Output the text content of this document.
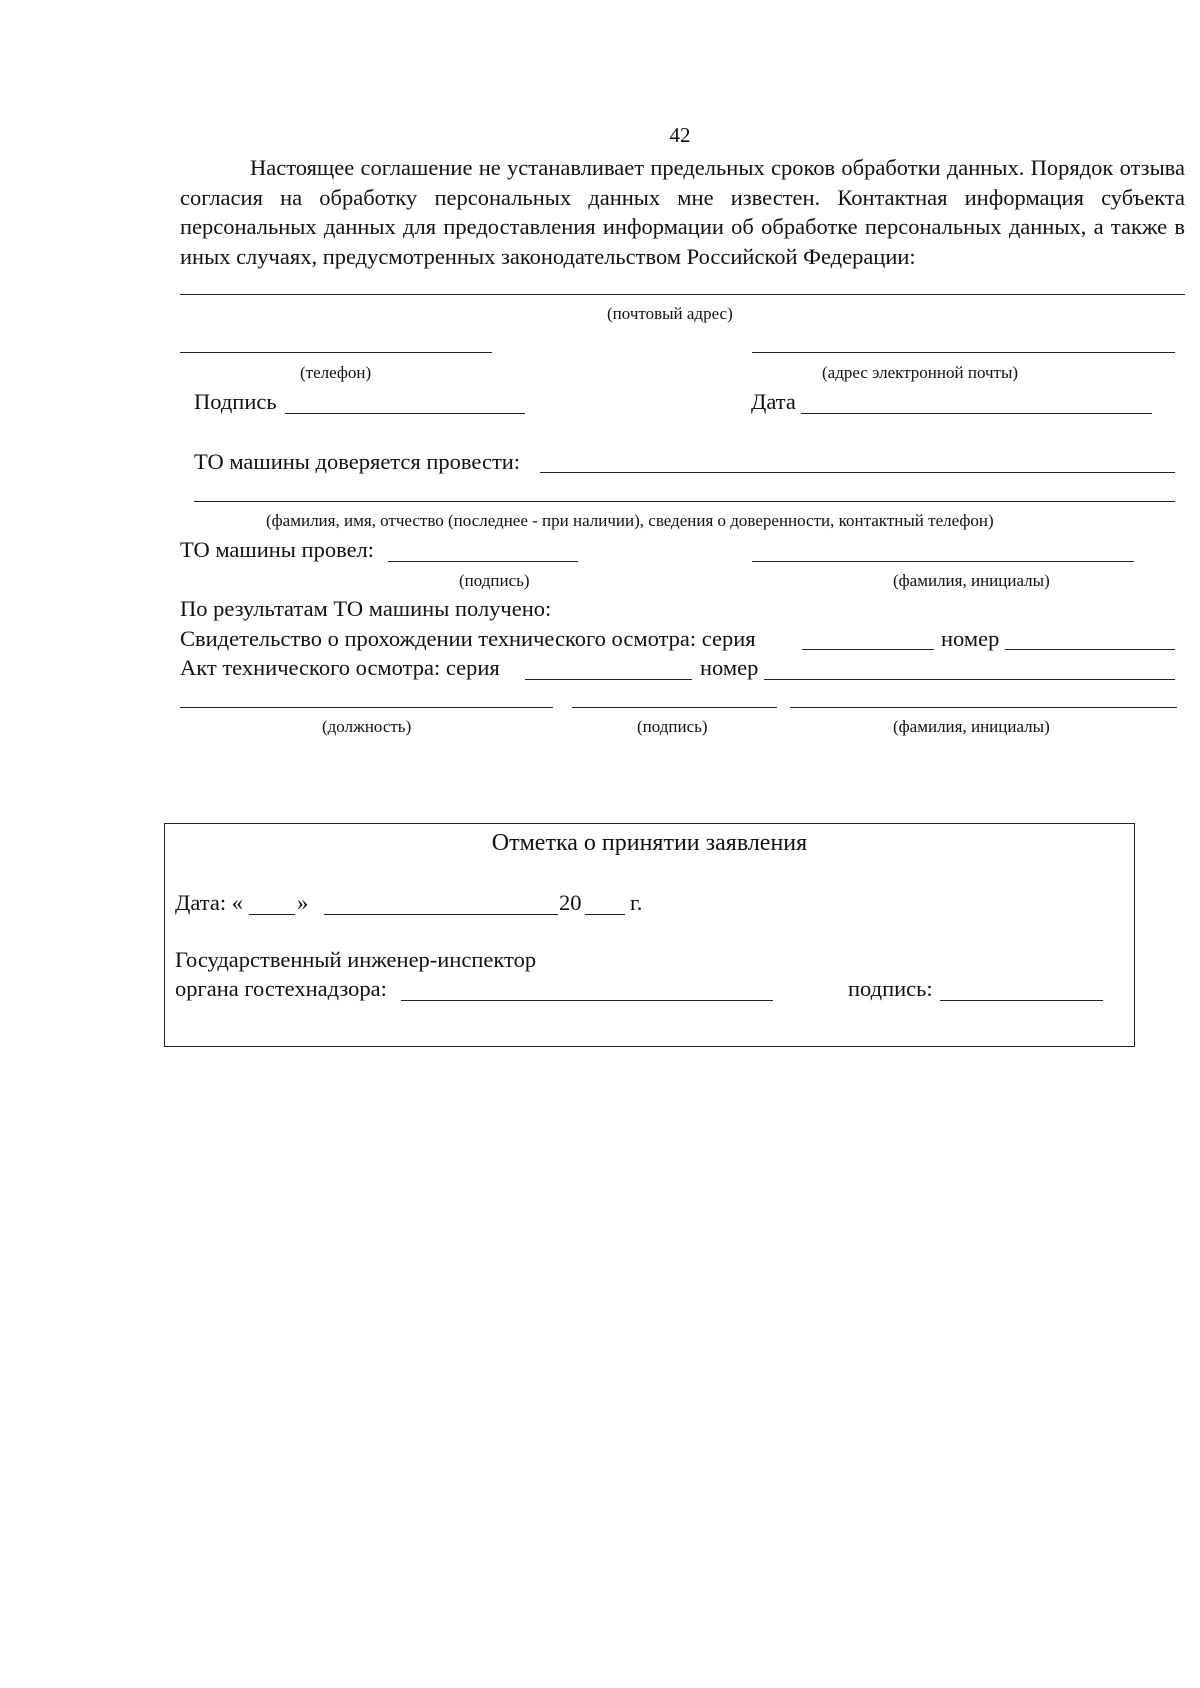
42

Настоящее соглашение не устанавливает предельных сроков обработки данных. Порядок отзыва согласия на обработку персональных данных мне известен. Контактная информация субъекта персональных данных для предоставления информации об обработке персональных данных, а также в иных случаях, предусмотренных законодательством Российской Федерации:

(почтовый адрес)
(телефон)	(адрес электронной почты)
Подпись	Дата
ТО машины доверяется провести:
(фамилия, имя, отчество (последнее - при наличии), сведения о доверенности, контактный телефон)
ТО машины провел:
(подпись)	(фамилия, инициалы)
По результатам ТО машины получено:
Свидетельство о прохождении технического осмотра: серия	номер
Акт технического осмотра: серия	номер
(должность)	(подпись)	(фамилия, инициалы)
Отметка о принятии заявления
Дата: « »	20 г.
Государственный инженер-инспектор
органа гостехнадзора:	подпись:
